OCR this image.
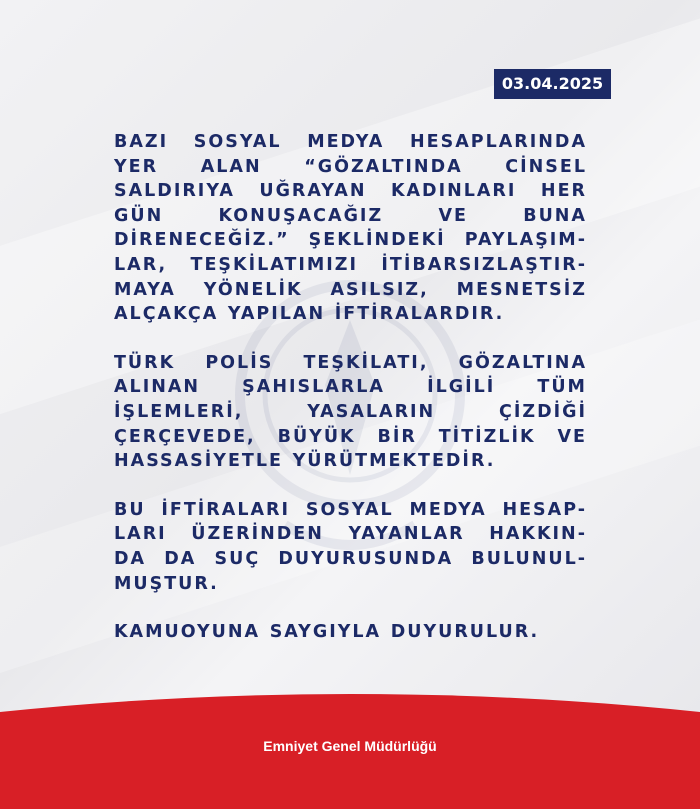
03.04.2025
BAZI SOSYAL MEDYA HESAPLARINDA
YER ALAN “GÖZALTINDA CİNSEL
SALDIRIYA UĞRAYAN KADINLARI HER
GÜN	KONUŞACAĞIZ	VE	BUNA
DİRENECEĞİZ.” ŞEKLİNDEKİ PAYLAŞIM-
LAR, TEŞKİLATIMIZI İTİBARSIZLAŞTIR-
MAYA YÖNELİK ASILSIZ, MESNETSİZ
ALÇAKÇA YAPILAN İFTİRALARDIR.
TÜRK POLİS TEŞKİLATI, GÖZALTINA
ALINAN ŞAHISLARLA İLGİLİ TÜM
İŞLEMLERİ,	YASALARIN	ÇİZDİĞİ
ÇERÇEVEDE, BÜYÜK BİR TİTİZLİK VE
HASSASİYETLE YÜRÜTMEKTEDİR.
BU İFTİRALARI SOSYAL MEDYA HESAP-
LARI ÜZERİNDEN YAYANLAR HAKKIN-
DA DA SUÇ DUYURUSUNDA BULUNUL-
MUŞTUR.
KAMUOYUNA SAYGIYLA DUYURULUR.
Emniyet Genel Müdürlüğü
